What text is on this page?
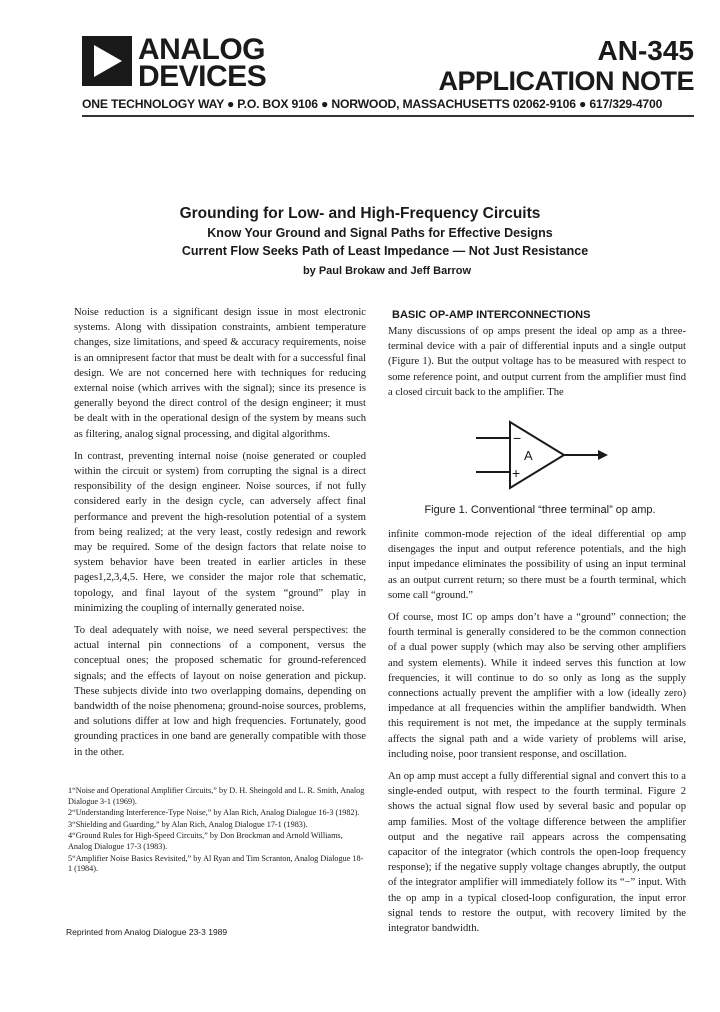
ANALOG
DEVICES
AN-345
APPLICATION NOTE
ONE TECHNOLOGY WAY ● P.O. BOX 9106 ● NORWOOD, MASSACHUSETTS 02062-9106 ● 617/329-4700
Grounding for Low- and High-Frequency Circuits
Know Your Ground and Signal Paths for Effective Designs
Current Flow Seeks Path of Least Impedance — Not Just Resistance
by Paul Brokaw and Jeff Barrow

Noise reduction is a significant design issue in most electronic systems. Along with dissipation constraints, ambient temperature changes, size limitations, and speed & accuracy requirements, noise is an omnipresent factor that must be dealt with for a successful final design. We are not concerned here with techniques for reducing external noise (which arrives with the signal); since its presence is generally beyond the direct control of the design engineer; it must be dealt with in the operational design of the system by means such as filtering, analog signal processing, and digital algorithms.

In contrast, preventing internal noise (noise generated or coupled within the circuit or system) from corrupting the signal is a direct responsibility of the design engineer. Noise sources, if not fully considered early in the design cycle, can adversely affect final performance and prevent the high-resolution potential of a system from being realized; at the very least, costly redesign and rework may be required. Some of the design factors that relate noise to system behavior have been treated in earlier articles in these pages1,2,3,4,5. Here, we consider the major role that schematic, topology, and final layout of the system “ground” play in minimizing the coupling of internally generated noise.

To deal adequately with noise, we need several perspectives: the actual internal pin connections of a component, versus the conceptual ones; the proposed schematic for ground-referenced signals; and the effects of layout on noise generation and pickup. These subjects divide into two overlapping domains, depending on bandwidth of the noise phenomena; ground-noise sources, problems, and solutions differ at low and high frequencies. Fortunately, good grounding practices in one band are generally compatible with those in the other.

1“Noise and Operational Amplifier Circuits,” by D. H. Sheingold and L. R. Smith, Analog Dialogue 3-1 (1969).
2“Understanding Interference-Type Noise,” by Alan Rich, Analog Dialogue 16-3 (1982).
3“Shielding and Guarding,” by Alan Rich, Analog Dialogue 17-1 (1983).
4“Ground Rules for High-Speed Circuits,” by Don Brockman and Arnold Williams, Analog Dialogue 17-3 (1983).
5“Amplifier Noise Basics Revisited,” by Al Ryan and Tim Scranton, Analog Dialogue 18-1 (1984).
Reprinted from Analog Dialogue 23-3 1989
BASIC OP-AMP INTERCONNECTIONS

Many discussions of op amps present the ideal op amp as a three-terminal device with a pair of differential inputs and a single output (Figure 1). But the output voltage has to be measured with respect to some reference point, and output current from the amplifier must find a closed circuit back to the amplifier. The

−
+
A
Figure 1. Conventional “three terminal” op amp.

infinite common-mode rejection of the ideal differential op amp disengages the input and output reference potentials, and the high input impedance eliminates the possibility of using an input terminal as an output current return; so there must be a fourth terminal, which some call “ground.”

Of course, most IC op amps don’t have a “ground” connection; the fourth terminal is generally considered to be the common connection of a dual power supply (which may also be serving other amplifiers and system elements). While it indeed serves this function at low frequencies, it will continue to do so only as long as the supply connections actually prevent the amplifier with a low (ideally zero) impedance at all frequencies within the amplifier bandwidth. When this requirement is not met, the impedance at the supply terminals affects the signal path and a wide variety of problems will arise, including noise, poor transient response, and oscillation.

An op amp must accept a fully differential signal and convert this to a single-ended output, with respect to the fourth terminal. Figure 2 shows the actual signal flow used by several basic and popular op amp families. Most of the voltage difference between the amplifier output and the negative rail appears across the compensating capacitor of the integrator (which controls the open-loop frequency response); if the negative supply voltage changes abruptly, the output of the integrator amplifier will immediately follow its “−” input. With the op amp in a typical closed-loop configuration, the input error signal tends to restore the output, with recovery limited by the integrator bandwidth.
